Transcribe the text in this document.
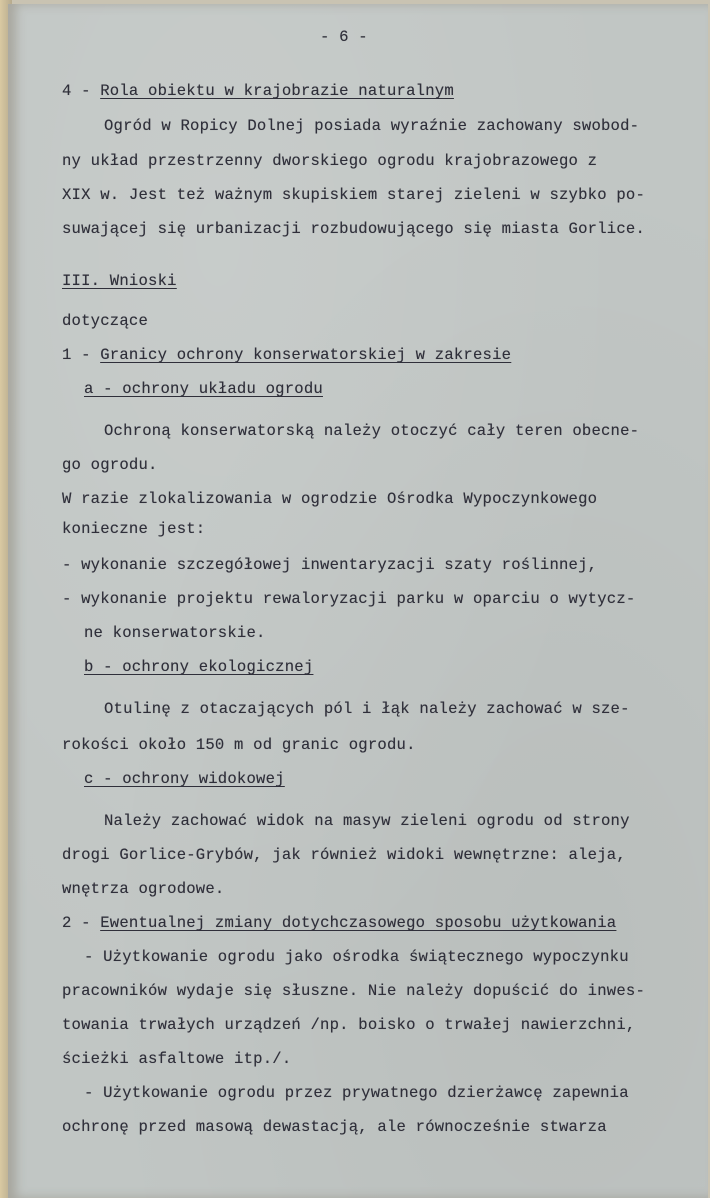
- 6 -
4 - Rola obiektu w krajobrazie naturalnym
Ogród w Ropicy Dolnej posiada wyraźnie zachowany swobod-
ny układ przestrzenny dworskiego ogrodu krajobrazowego z
XIX w. Jest też ważnym skupiskiem starej zieleni w szybko po-
suwającej się urbanizacji rozbudowującego się miasta Gorlice.
III. Wnioski
dotyczące
1 - Granicy ochrony konserwatorskiej w zakresie
a - ochrony układu ogrodu
Ochroną konserwatorską należy otoczyć cały teren obecne-
go ogrodu.
W razie zlokalizowania w ogrodzie Ośrodka Wypoczynkowego
konieczne jest:
- wykonanie szczegółowej inwentaryzacji szaty roślinnej,
- wykonanie projektu rewaloryzacji parku w oparciu o wytycz-
ne konserwatorskie.
b - ochrony ekologicznej
Otulinę z otaczających pól i łąk należy zachować w sze-
rokości około 150 m od granic ogrodu.
c - ochrony widokowej
Należy zachować widok na masyw zieleni ogrodu od strony
drogi Gorlice-Grybów, jak również widoki wewnętrzne: aleja,
wnętrza ogrodowe.
2 - Ewentualnej zmiany dotychczasowego sposobu użytkowania
- Użytkowanie ogrodu jako ośrodka świątecznego wypoczynku
pracowników wydaje się słuszne. Nie należy dopuścić do inwes-
towania trwałych urządzeń /np. boisko o trwałej nawierzchni,
ścieżki asfaltowe itp./.
- Użytkowanie ogrodu przez prywatnego dzierżawcę zapewnia
ochronę przed masową dewastacją, ale równocześnie stwarza
